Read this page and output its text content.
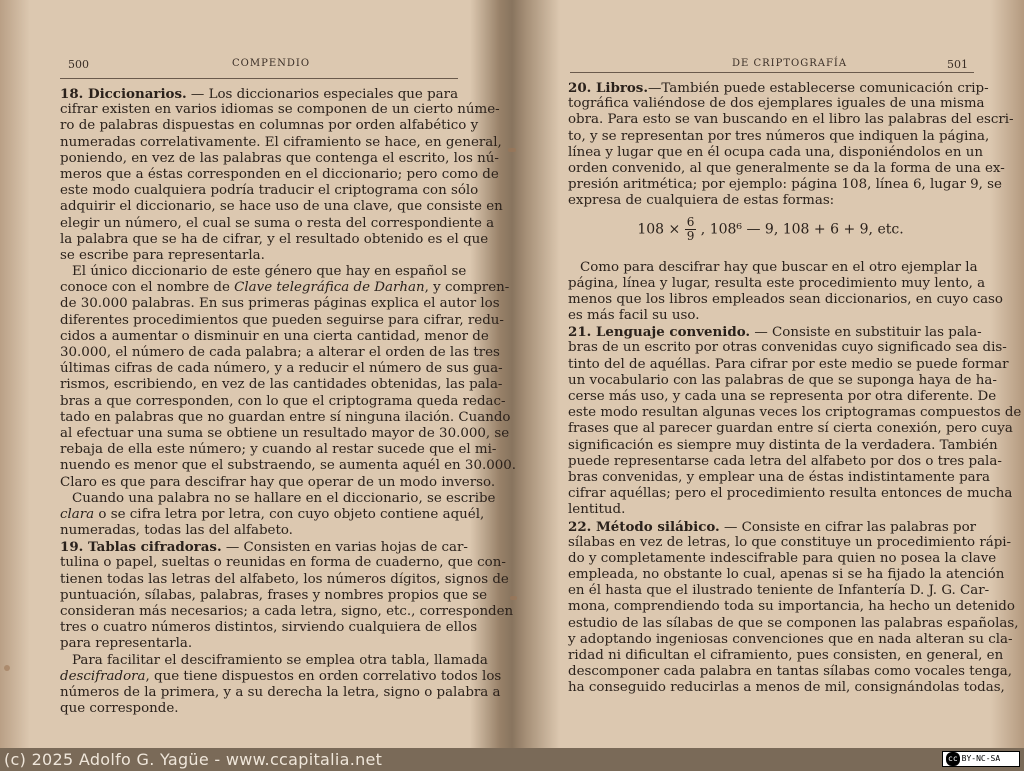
500	COMPENDIO
18. Diccionarios. — Los diccionarios especiales que para
cifrar existen en varios idiomas se componen de un cierto núme-
ro de palabras dispuestas en columnas por orden alfabético y
numeradas correlativamente. El ciframiento se hace, en general,
poniendo, en vez de las palabras que contenga el escrito, los nú-
meros que a éstas corresponden en el diccionario; pero como de
este modo cualquiera podría traducir el criptograma con sólo
adquirir el diccionario, se hace uso de una clave, que consiste en
elegir un número, el cual se suma o resta del correspondiente a
la palabra que se ha de cifrar, y el resultado obtenido es el que
se escribe para representarla.
El único diccionario de este género que hay en español se
conoce con el nombre de Clave telegráfica de Darhan, y compren-
de 30.000 palabras. En sus primeras páginas explica el autor los
diferentes procedimientos que pueden seguirse para cifrar, redu-
cidos a aumentar o disminuir en una cierta cantidad, menor de
30.000, el número de cada palabra; a alterar el orden de las tres
últimas cifras de cada número, y a reducir el número de sus gua-
rismos, escribiendo, en vez de las cantidades obtenidas, las pala-
bras a que corresponden, con lo que el criptograma queda redac-
tado en palabras que no guardan entre sí ninguna ilación. Cuando
al efectuar una suma se obtiene un resultado mayor de 30.000, se
rebaja de ella este número; y cuando al restar sucede que el mi-
nuendo es menor que el substraendo, se aumenta aquél en 30.000.
Claro es que para descifrar hay que operar de un modo inverso.
Cuando una palabra no se hallare en el diccionario, se escribe
clara o se cifra letra por letra, con cuyo objeto contiene aquél,
numeradas, todas las del alfabeto.
19. Tablas cifradoras. — Consisten en varias hojas de car-
tulina o papel, sueltas o reunidas en forma de cuaderno, que con-
tienen todas las letras del alfabeto, los números dígitos, signos de
puntuación, sílabas, palabras, frases y nombres propios que se
consideran más necesarios; a cada letra, signo, etc., corresponden
tres o cuatro números distintos, sirviendo cualquiera de ellos
para representarla.
Para facilitar el desciframiento se emplea otra tabla, llamada
descifradora, que tiene dispuestos en orden correlativo todos los
números de la primera, y a su derecha la letra, signo o palabra a
que corresponde.
DE CRIPTOGRAFÍA	501
20. Libros.—También puede establecerse comunicación crip-
tográfica valiéndose de dos ejemplares iguales de una misma
obra. Para esto se van buscando en el libro las palabras del escri-
to, y se representan por tres números que indiquen la página,
línea y lugar que en él ocupa cada una, disponiéndolos en un
orden convenido, al que generalmente se da la forma de una ex-
presión aritmética; por ejemplo: página 108, línea 6, lugar 9, se
expresa de cualquiera de estas formas:
$108 \times \frac{6}{9}$ , 108⁶ — 9, 108 + 6 + 9, etc.
Como para descifrar hay que buscar en el otro ejemplar la
página, línea y lugar, resulta este procedimiento muy lento, a
menos que los libros empleados sean diccionarios, en cuyo caso
es más facil su uso.
21. Lenguaje convenido. — Consiste en substituir las pala-
bras de un escrito por otras convenidas cuyo significado sea dis-
tinto del de aquéllas. Para cifrar por este medio se puede formar
un vocabulario con las palabras de que se suponga haya de ha-
cerse más uso, y cada una se representa por otra diferente. De
este modo resultan algunas veces los criptogramas compuestos de
frases que al parecer guardan entre sí cierta conexión, pero cuya
significación es siempre muy distinta de la verdadera. También
puede representarse cada letra del alfabeto por dos o tres pala-
bras convenidas, y emplear una de éstas indistintamente para
cifrar aquéllas; pero el procedimiento resulta entonces de mucha
lentitud.
22. Método silábico. — Consiste en cifrar las palabras por
sílabas en vez de letras, lo que constituye un procedimiento rápi-
do y completamente indescifrable para quien no posea la clave
empleada, no obstante lo cual, apenas si se ha fijado la atención
en él hasta que el ilustrado teniente de Infantería D. J. G. Car-
mona, comprendiendo toda su importancia, ha hecho un detenido
estudio de las sílabas de que se componen las palabras españolas,
y adoptando ingeniosas convenciones que en nada alteran su cla-
ridad ni dificultan el ciframiento, pues consisten, en general, en
descomponer cada palabra en tantas sílabas como vocales tenga,
ha conseguido reducirlas a menos de mil, consignándolas todas,
(c) 2025 Adolfo G. Yagüe - www.ccapitalia.net	cc BY-NC-SA
